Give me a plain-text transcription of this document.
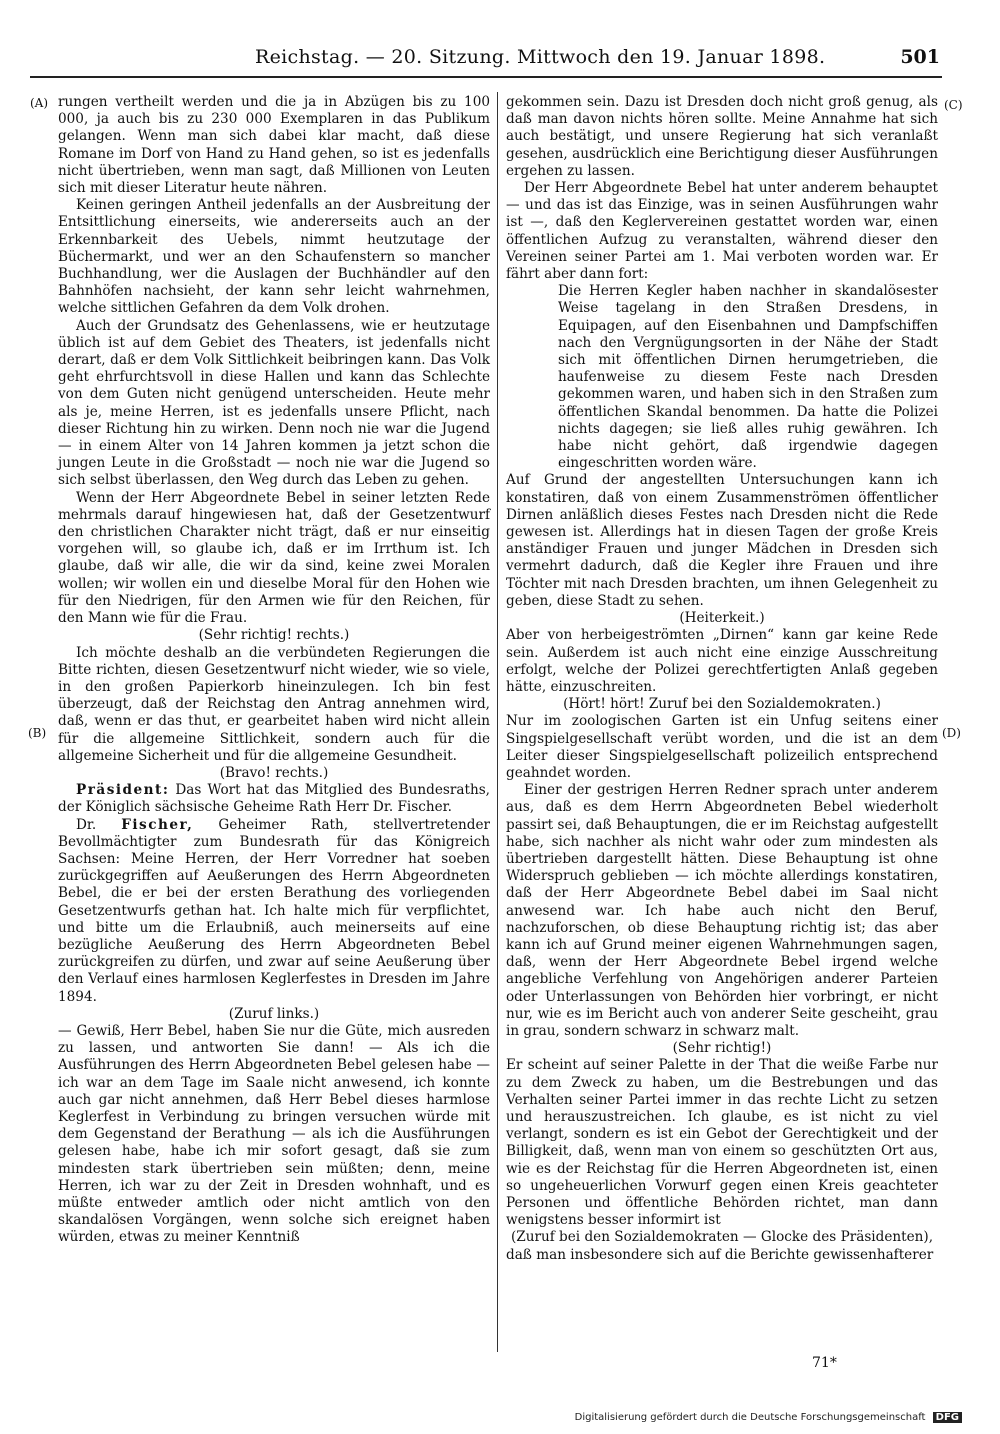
Reichstag. — 20. Sitzung. Mittwoch den 19. Januar 1898.	501
(A)
(B)
(C)
(D)

rungen vertheilt werden und die ja in Abzügen bis zu 100 000, ja auch bis zu 230 000 Exemplaren in das Publikum gelangen. Wenn man sich dabei klar macht, daß diese Romane im Dorf von Hand zu Hand gehen, so ist es jedenfalls nicht übertrieben, wenn man sagt, daß Millionen von Leuten sich mit dieser Literatur heute nähren.

Keinen geringen Antheil jedenfalls an der Ausbreitung der Entsittlichung einerseits, wie andererseits auch an der Erkennbarkeit des Uebels, nimmt heutzutage der Büchermarkt, und wer an den Schaufenstern so mancher Buchhandlung, wer die Auslagen der Buchhändler auf den Bahnhöfen nachsieht, der kann sehr leicht wahrnehmen, welche sittlichen Gefahren da dem Volk drohen.

Auch der Grundsatz des Gehenlassens, wie er heutzutage üblich ist auf dem Gebiet des Theaters, ist jedenfalls nicht derart, daß er dem Volk Sittlichkeit beibringen kann. Das Volk geht ehrfurchtsvoll in diese Hallen und kann das Schlechte von dem Guten nicht genügend unterscheiden. Heute mehr als je, meine Herren, ist es jedenfalls unsere Pflicht, nach dieser Richtung hin zu wirken. Denn noch nie war die Jugend — in einem Alter von 14 Jahren kommen ja jetzt schon die jungen Leute in die Großstadt — noch nie war die Jugend so sich selbst überlassen, den Weg durch das Leben zu gehen.

Wenn der Herr Abgeordnete Bebel in seiner letzten Rede mehrmals darauf hingewiesen hat, daß der Gesetzentwurf den christlichen Charakter nicht trägt, daß er nur einseitig vorgehen will, so glaube ich, daß er im Irrthum ist. Ich glaube, daß wir alle, die wir da sind, keine zwei Moralen wollen; wir wollen ein und dieselbe Moral für den Hohen wie für den Niedrigen, für den Armen wie für den Reichen, für den Mann wie für die Frau.

(Sehr richtig! rechts.)

Ich möchte deshalb an die verbündeten Regierungen die Bitte richten, diesen Gesetzentwurf nicht wieder, wie so viele, in den großen Papierkorb hineinzulegen. Ich bin fest überzeugt, daß der Reichstag den Antrag annehmen wird, daß, wenn er das thut, er gearbeitet haben wird nicht allein für die allgemeine Sittlichkeit, sondern auch für die allgemeine Sicherheit und für die allgemeine Gesundheit.

(Bravo! rechts.)

Präsident: Das Wort hat das Mitglied des Bundesraths, der Königlich sächsische Geheime Rath Herr Dr. Fischer.

Dr. Fischer, Geheimer Rath, stellvertretender Bevollmächtigter zum Bundesrath für das Königreich Sachsen: Meine Herren, der Herr Vorredner hat soeben zurückgegriffen auf Aeußerungen des Herrn Abgeordneten Bebel, die er bei der ersten Berathung des vorliegenden Gesetzentwurfs gethan hat. Ich halte mich für verpflichtet, und bitte um die Erlaubniß, auch meinerseits auf eine bezügliche Aeußerung des Herrn Abgeordneten Bebel zurückgreifen zu dürfen, und zwar auf seine Aeußerung über den Verlauf eines harmlosen Keglerfestes in Dresden im Jahre 1894.

(Zuruf links.)

— Gewiß, Herr Bebel, haben Sie nur die Güte, mich ausreden zu lassen, und antworten Sie dann! — Als ich die Ausführungen des Herrn Abgeordneten Bebel gelesen habe — ich war an dem Tage im Saale nicht anwesend, ich konnte auch gar nicht annehmen, daß Herr Bebel dieses harmlose Keglerfest in Verbindung zu bringen versuchen würde mit dem Gegenstand der Berathung — als ich die Ausführungen gelesen habe, habe ich mir sofort gesagt, daß sie zum mindesten stark übertrieben sein müßten; denn, meine Herren, ich war zu der Zeit in Dresden wohnhaft, und es müßte entweder amtlich oder nicht amtlich von den skandalösen Vorgängen, wenn solche sich ereignet haben würden, etwas zu meiner Kenntniß

gekommen sein. Dazu ist Dresden doch nicht groß genug, als daß man davon nichts hören sollte. Meine Annahme hat sich auch bestätigt, und unsere Regierung hat sich veranlaßt gesehen, ausdrücklich eine Berichtigung dieser Ausführungen ergehen zu lassen.

Der Herr Abgeordnete Bebel hat unter anderem behauptet — und das ist das Einzige, was in seinen Ausführungen wahr ist —, daß den Keglervereinen gestattet worden war, einen öffentlichen Aufzug zu veranstalten, während dieser den Vereinen seiner Partei am 1. Mai verboten worden war. Er fährt aber dann fort:

Die Herren Kegler haben nachher in skandalösester Weise tagelang in den Straßen Dresdens, in Equipagen, auf den Eisenbahnen und Dampfschiffen nach den Vergnügungsorten in der Nähe der Stadt sich mit öffentlichen Dirnen herumgetrieben, die haufenweise zu diesem Feste nach Dresden gekommen waren, und haben sich in den Straßen zum öffentlichen Skandal benommen. Da hatte die Polizei nichts dagegen; sie ließ alles ruhig gewähren. Ich habe nicht gehört, daß irgendwie dagegen eingeschritten worden wäre.

Auf Grund der angestellten Untersuchungen kann ich konstatiren, daß von einem Zusammenströmen öffentlicher Dirnen anläßlich dieses Festes nach Dresden nicht die Rede gewesen ist. Allerdings hat in diesen Tagen der große Kreis anständiger Frauen und junger Mädchen in Dresden sich vermehrt dadurch, daß die Kegler ihre Frauen und ihre Töchter mit nach Dresden brachten, um ihnen Gelegenheit zu geben, diese Stadt zu sehen.

(Heiterkeit.)

Aber von herbeigeströmten „Dirnen“ kann gar keine Rede sein. Außerdem ist auch nicht eine einzige Ausschreitung erfolgt, welche der Polizei gerechtfertigten Anlaß gegeben hätte, einzuschreiten.

(Hört! hört! Zuruf bei den Sozialdemokraten.)

Nur im zoologischen Garten ist ein Unfug seitens einer Singspielgesellschaft verübt worden, und die ist an dem Leiter dieser Singspielgesellschaft polizeilich entsprechend geahndet worden.

Einer der gestrigen Herren Redner sprach unter anderem aus, daß es dem Herrn Abgeordneten Bebel wiederholt passirt sei, daß Behauptungen, die er im Reichstag aufgestellt habe, sich nachher als nicht wahr oder zum mindesten als übertrieben dargestellt hätten. Diese Behauptung ist ohne Widerspruch geblieben — ich möchte allerdings konstatiren, daß der Herr Abgeordnete Bebel dabei im Saal nicht anwesend war. Ich habe auch nicht den Beruf, nachzuforschen, ob diese Behauptung richtig ist; das aber kann ich auf Grund meiner eigenen Wahrnehmungen sagen, daß, wenn der Herr Abgeordnete Bebel irgend welche angebliche Verfehlung von Angehörigen anderer Parteien oder Unterlassungen von Behörden hier vorbringt, er nicht nur, wie es im Bericht auch von anderer Seite gescheiht, grau in grau, sondern schwarz in schwarz malt.

(Sehr richtig!)

Er scheint auf seiner Palette in der That die weiße Farbe nur zu dem Zweck zu haben, um die Bestrebungen und das Verhalten seiner Partei immer in das rechte Licht zu setzen und herauszustreichen. Ich glaube, es ist nicht zu viel verlangt, sondern es ist ein Gebot der Gerechtigkeit und der Billigkeit, daß, wenn man von einem so geschützten Ort aus, wie es der Reichstag für die Herren Abgeordneten ist, einen so ungeheuerlichen Vorwurf gegen einen Kreis geachteter Personen und öffentliche Behörden richtet, man dann wenigstens besser informirt ist

(Zuruf bei den Sozialdemokraten — Glocke des Präsidenten),

daß man insbesondere sich auf die Berichte gewissenhafterer

71*
Digitalisierung gefördert durch die Deutsche Forschungsgemeinschaft DFG
